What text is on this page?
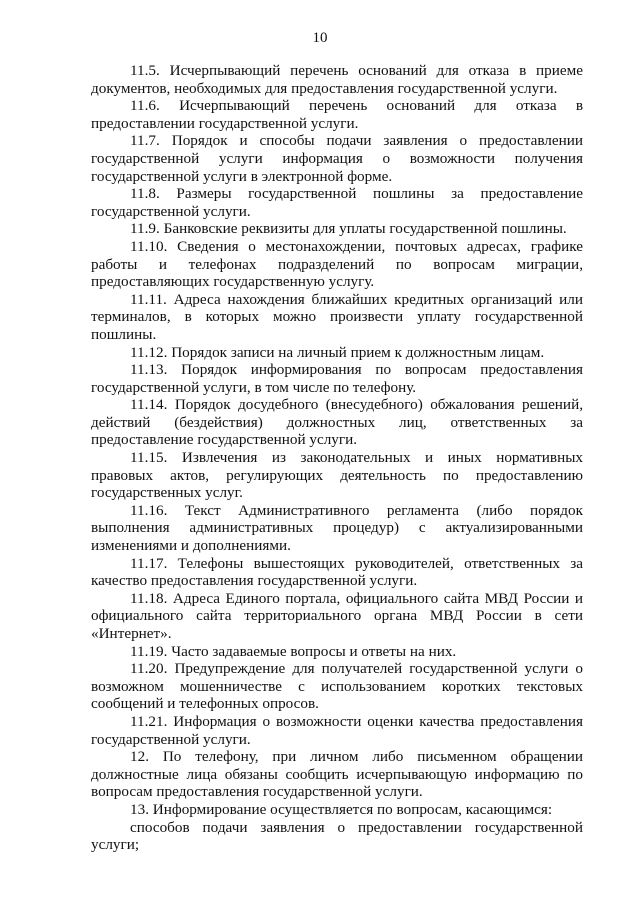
10

11.5. Исчерпывающий перечень оснований для отказа в приеме документов, необходимых для предоставления государственной услуги.

11.6. Исчерпывающий перечень оснований для отказа в предоставлении государственной услуги.

11.7. Порядок и способы подачи заявления о предоставлении государственной услуги информация о возможности получения государственной услуги в электронной форме.

11.8. Размеры государственной пошлины за предоставление государственной услуги.

11.9. Банковские реквизиты для уплаты государственной пошлины.

11.10. Сведения о местонахождении, почтовых адресах, графике работы и телефонах подразделений по вопросам миграции, предоставляющих государственную услугу.

11.11. Адреса нахождения ближайших кредитных организаций или терминалов, в которых можно произвести уплату государственной пошлины.

11.12. Порядок записи на личный прием к должностным лицам.

11.13. Порядок информирования по вопросам предоставления государственной услуги, в том числе по телефону.

11.14. Порядок досудебного (внесудебного) обжалования решений, действий (бездействия) должностных лиц, ответственных за предоставление государственной услуги.

11.15. Извлечения из законодательных и иных нормативных правовых актов, регулирующих деятельность по предоставлению государственных услуг.

11.16. Текст Административного регламента (либо порядок выполнения административных процедур) с актуализированными изменениями и дополнениями.

11.17. Телефоны вышестоящих руководителей, ответственных за качество предоставления государственной услуги.

11.18. Адреса Единого портала, официального сайта МВД России и официального сайта территориального органа МВД России в сети «Интернет».

11.19. Часто задаваемые вопросы и ответы на них.

11.20. Предупреждение для получателей государственной услуги о возможном мошенничестве с использованием коротких текстовых сообщений и телефонных опросов.

11.21. Информация о возможности оценки качества предоставления государственной услуги.

12. По телефону, при личном либо письменном обращении должностные лица обязаны сообщить исчерпывающую информацию по вопросам предоставления государственной услуги.

13. Информирование осуществляется по вопросам, касающимся:

способов подачи заявления о предоставлении государственной услуги;
